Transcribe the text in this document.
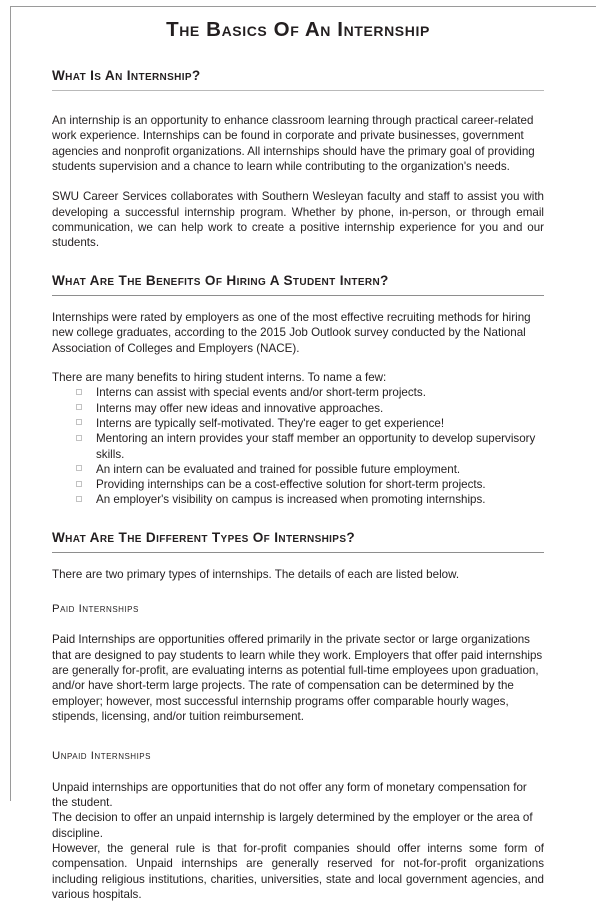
The Basics Of An Internship
What Is An Internship?

An internship is an opportunity to enhance classroom learning through practical career-related work experience. Internships can be found in corporate and private businesses, government agencies and nonprofit organizations. All internships should have the primary goal of providing students supervision and a chance to learn while contributing to the organization's needs.

SWU Career Services collaborates with Southern Wesleyan faculty and staff to assist you with developing a successful internship program. Whether by phone, in-person, or through email communication, we can help work to create a positive internship experience for you and our students.

What Are The Benefits Of Hiring A Student Intern?

Internships were rated by employers as one of the most effective recruiting methods for hiring new college graduates, according to the 2015 Job Outlook survey conducted by the National Association of Colleges and Employers (NACE).

There are many benefits to hiring student interns. To name a few:

Interns can assist with special events and/or short-term projects.
Interns may offer new ideas and innovative approaches.
Interns are typically self-motivated. They're eager to get experience!
Mentoring an intern provides your staff member an opportunity to develop supervisory skills.
An intern can be evaluated and trained for possible future employment.
Providing internships can be a cost-effective solution for short-term projects.
An employer's visibility on campus is increased when promoting internships.
What Are The Different Types Of Internships?

There are two primary types of internships. The details of each are listed below.

Paid Internships

Paid Internships are opportunities offered primarily in the private sector or large organizations that are designed to pay students to learn while they work. Employers that offer paid internships are generally for-profit, are evaluating interns as potential full-time employees upon graduation, and/or have short-term large projects. The rate of compensation can be determined by the employer; however, most successful internship programs offer comparable hourly wages, stipends, licensing, and/or tuition reimbursement.

Unpaid Internships

Unpaid internships are opportunities that do not offer any form of monetary compensation for the student.

The decision to offer an unpaid internship is largely determined by the employer or the area of discipline.

However, the general rule is that for-profit companies should offer interns some form of compensation. Unpaid internships are generally reserved for not-for-profit organizations including religious institutions, charities, universities, state and local government agencies, and various hospitals.
